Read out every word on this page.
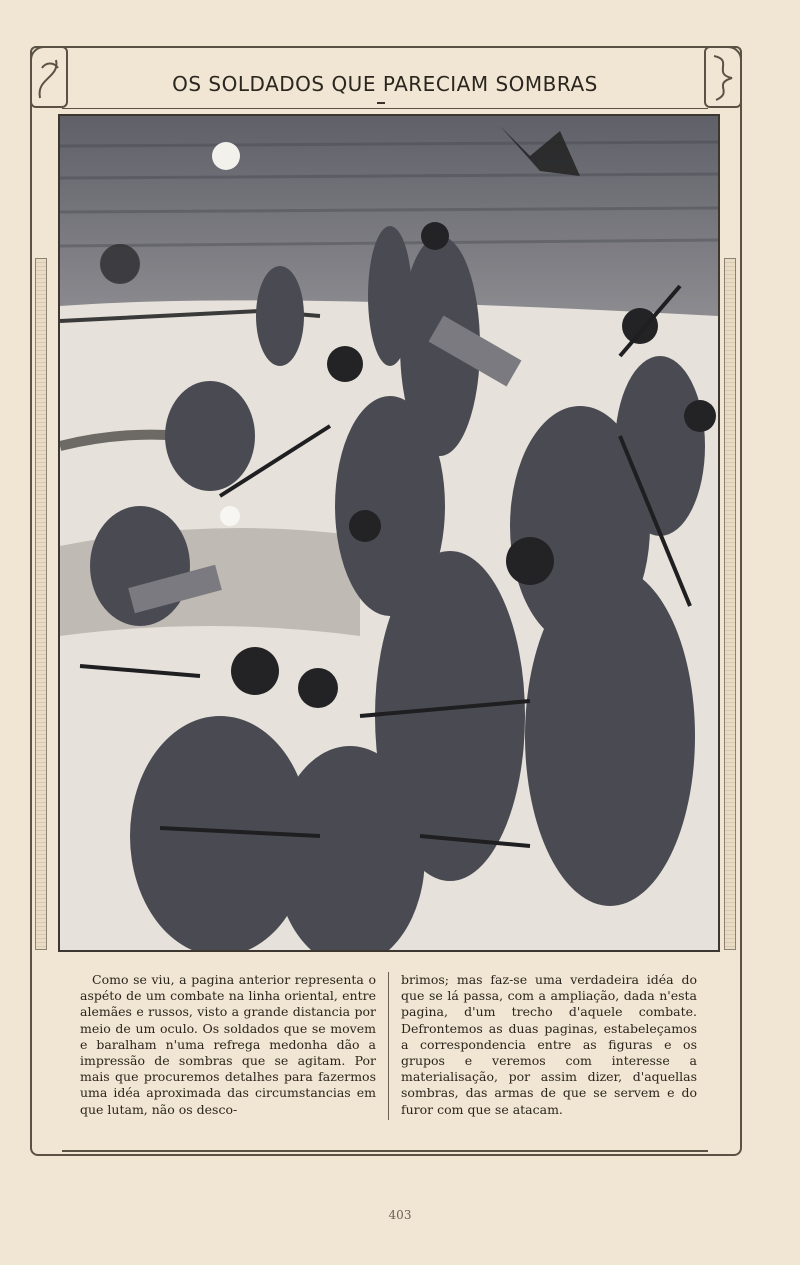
OS SOLDADOS QUE PARECIAM SOMBRAS
Como se viu, a pagina anterior representa o aspéto de um combate na linha oriental, entre alemães e russos, visto a grande distancia por meio de um oculo. Os soldados que se movem e baralham n'uma refrega medonha dão a impressão de sombras que se agitam. Por mais que procuremos detalhes para fazermos uma idéa aproximada das circumstancias em que lutam, não os desco-
brimos; mas faz-se uma verdadeira idéa do que se lá passa, com a ampliação, dada n'esta pagina, d'um trecho d'aquele combate. Defrontemos as duas paginas, estabeleçamos a correspondencia entre as figuras e os grupos e veremos com interesse a materialisação, por assim dizer, d'aquellas sombras, das armas de que se servem e do furor com que se atacam.
403
